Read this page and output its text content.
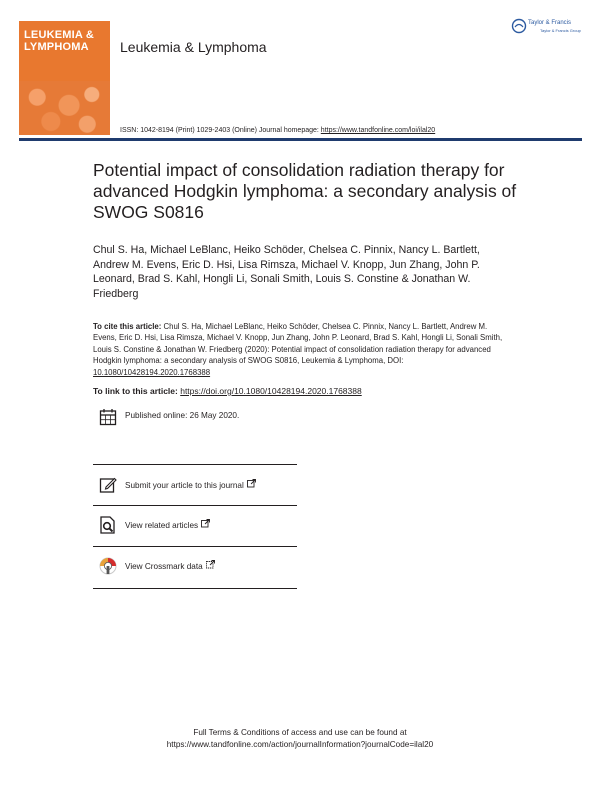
LEUKEMIA & LYMPHOMA	Leukemia & Lymphoma
Taylor & Francis
Taylor & Francis Group
ISSN: 1042-8194 (Print) 1029-2403 (Online) Journal homepage: https://www.tandfonline.com/loi/ilal20
Potential impact of consolidation radiation therapy for advanced Hodgkin lymphoma: a secondary analysis of SWOG S0816
Chul S. Ha, Michael LeBlanc, Heiko Schöder, Chelsea C. Pinnix, Nancy L. Bartlett, Andrew M. Evens, Eric D. Hsi, Lisa Rimsza, Michael V. Knopp, Jun Zhang, John P. Leonard, Brad S. Kahl, Hongli Li, Sonali Smith, Louis S. Constine & Jonathan W. Friedberg
To cite this article: Chul S. Ha, Michael LeBlanc, Heiko Schöder, Chelsea C. Pinnix, Nancy L. Bartlett, Andrew M. Evens, Eric D. Hsi, Lisa Rimsza, Michael V. Knopp, Jun Zhang, John P. Leonard, Brad S. Kahl, Hongli Li, Sonali Smith, Louis S. Constine & Jonathan W. Friedberg (2020): Potential impact of consolidation radiation therapy for advanced Hodgkin lymphoma: a secondary analysis of SWOG S0816, Leukemia & Lymphoma, DOI: 10.1080/10428194.2020.1768388
To link to this article: https://doi.org/10.1080/10428194.2020.1768388
Published online: 26 May 2020.
Submit your article to this journal
View related articles
View Crossmark data
Full Terms & Conditions of access and use can be found at
https://www.tandfonline.com/action/journalInformation?journalCode=ilal20
